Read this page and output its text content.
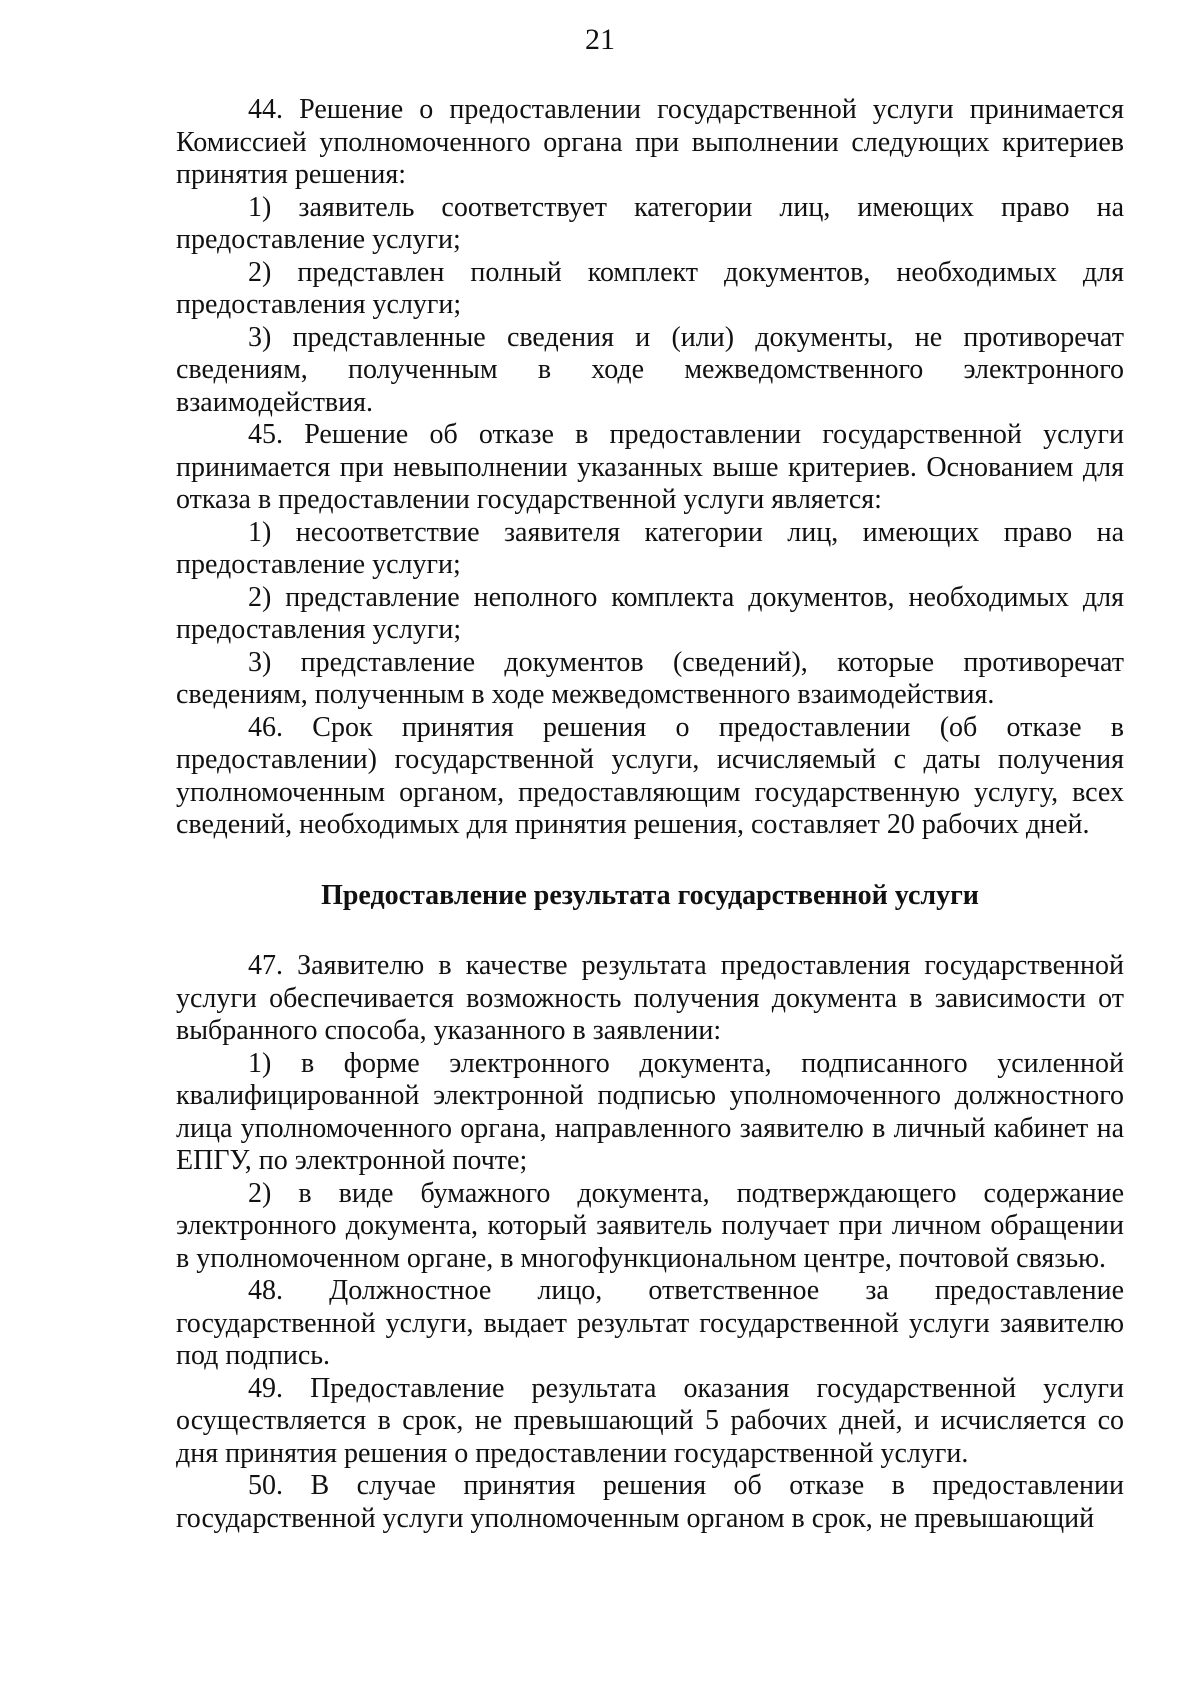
21

44. Решение о предоставлении государственной услуги принимается Комиссией уполномоченного органа при выполнении следующих критериев принятия решения:

1) заявитель соответствует категории лиц, имеющих право на предоставление услуги;

2) представлен полный комплект документов, необходимых для предоставления услуги;

3) представленные сведения и (или) документы, не противоречат сведениям, полученным в ходе межведомственного электронного взаимодействия.

45. Решение об отказе в предоставлении государственной услуги принимается при невыполнении указанных выше критериев. Основанием для отказа в предоставлении государственной услуги является:

1) несоответствие заявителя категории лиц, имеющих право на предоставление услуги;

2) представление неполного комплекта документов, необходимых для предоставления услуги;

3) представление документов (сведений), которые противоречат сведениям, полученным в ходе межведомственного взаимодействия.

46. Срок принятия решения о предоставлении (об отказе в предоставлении) государственной услуги, исчисляемый с даты получения уполномоченным органом, предоставляющим государственную услугу, всех сведений, необходимых для принятия решения, составляет 20 рабочих дней.

Предоставление результата государственной услуги

47. Заявителю в качестве результата предоставления государственной услуги обеспечивается возможность получения документа в зависимости от выбранного способа, указанного в заявлении:

1) в форме электронного документа, подписанного усиленной квалифицированной электронной подписью уполномоченного должностного лица уполномоченного органа, направленного заявителю в личный кабинет на ЕПГУ, по электронной почте;

2) в виде бумажного документа, подтверждающего содержание электронного документа, который заявитель получает при личном обращении в уполномоченном органе, в многофункциональном центре, почтовой связью.

48. Должностное лицо, ответственное за предоставление государственной услуги, выдает результат государственной услуги заявителю под подпись.

49. Предоставление результата оказания государственной услуги осуществляется в срок, не превышающий 5 рабочих дней, и исчисляется со дня принятия решения о предоставлении государственной услуги.

50. В случае принятия решения об отказе в предоставлении государственной услуги уполномоченным органом в срок, не превышающий
